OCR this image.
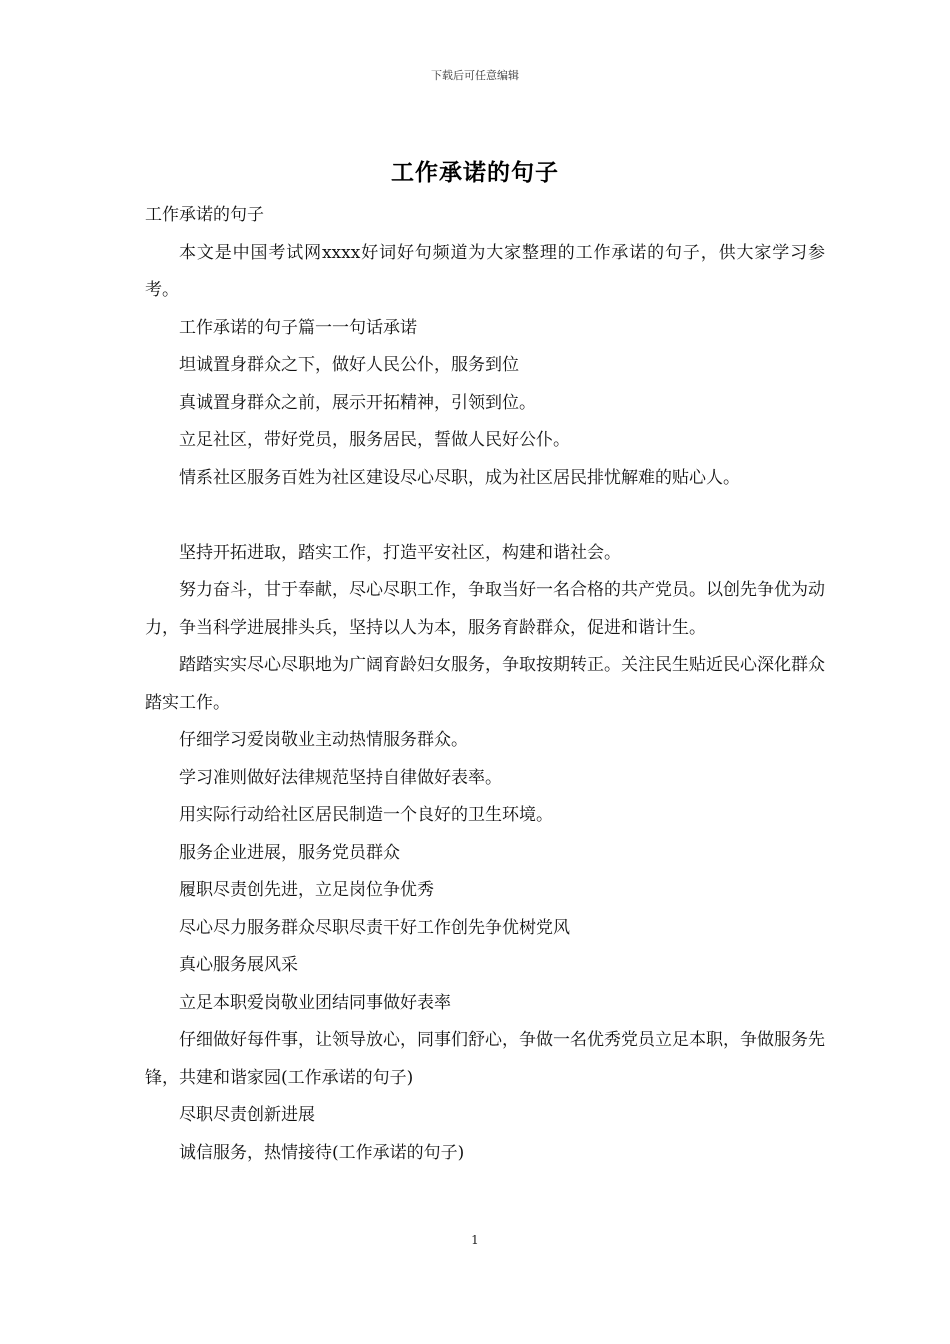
下载后可任意编辑
工作承诺的句子

工作承诺的句子

本文是中国考试网xxxx好词好句频道为大家整理的工作承诺的句子，供大家学习参考。

工作承诺的句子篇一一句话承诺

坦诚置身群众之下，做好人民公仆，服务到位

真诚置身群众之前，展示开拓精神，引领到位。

立足社区，带好党员，服务居民，誓做人民好公仆。

情系社区服务百姓为社区建设尽心尽职，成为社区居民排忧解难的贴心人。

坚持开拓进取，踏实工作，打造平安社区，构建和谐社会。

努力奋斗，甘于奉献，尽心尽职工作，争取当好一名合格的共产党员。以创先争优为动力，争当科学进展排头兵，坚持以人为本，服务育龄群众，促进和谐计生。

踏踏实实尽心尽职地为广阔育龄妇女服务，争取按期转正。关注民生贴近民心深化群众踏实工作。

仔细学习爱岗敬业主动热情服务群众。

学习准则做好法律规范坚持自律做好表率。

用实际行动给社区居民制造一个良好的卫生环境。

服务企业进展，服务党员群众

履职尽责创先进，立足岗位争优秀

尽心尽力服务群众尽职尽责干好工作创先争优树党风

真心服务展风采

立足本职爱岗敬业团结同事做好表率

仔细做好每件事，让领导放心，同事们舒心，争做一名优秀党员立足本职，争做服务先锋，共建和谐家园(工作承诺的句子)

尽职尽责创新进展

诚信服务，热情接待(工作承诺的句子)

1
